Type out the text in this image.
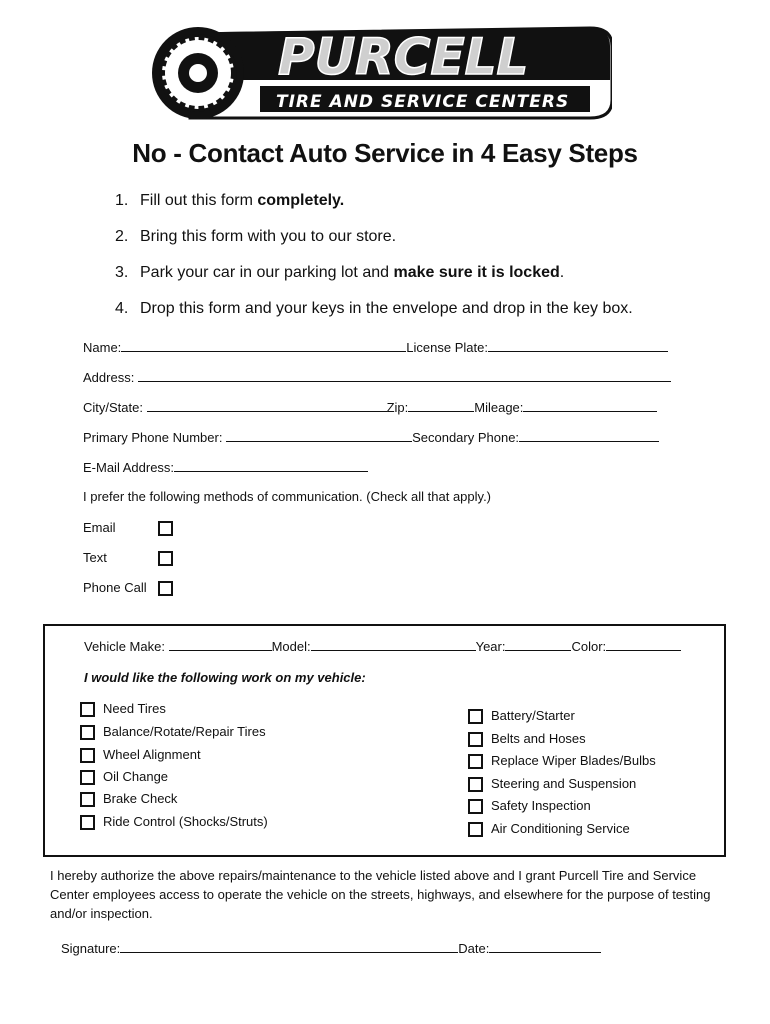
PURCELL
TIRE AND SERVICE CENTERS
No - Contact Auto Service in 4 Easy Steps
1. Fill out this form completely.
2. Bring this form with you to our store.
3. Park your car in our parking lot and make sure it is locked.
4. Drop this form and your keys in the envelope and drop in the key box.
Name:	License Plate:
Address:
City/State:	Zip:	Mileage:
Primary Phone Number:	Secondary Phone:
E-Mail Address:
I prefer the following methods of communication. (Check all that apply.)
Email
Text
Phone Call
Vehicle Make:	Model:	Year:	Color:
I would like the following work on my vehicle:
Need Tires
Balance/Rotate/Repair Tires
Wheel Alignment
Oil Change
Brake Check
Ride Control (Shocks/Struts)
Battery/Starter
Belts and Hoses
Replace Wiper Blades/Bulbs
Steering and Suspension
Safety Inspection
Air Conditioning Service
I hereby authorize the above repairs/maintenance to the vehicle listed above and I grant Purcell Tire and Service Center employees access to operate the vehicle on the streets, highways, and elsewhere for the purpose of testing and/or inspection.
Signature:	Date:
